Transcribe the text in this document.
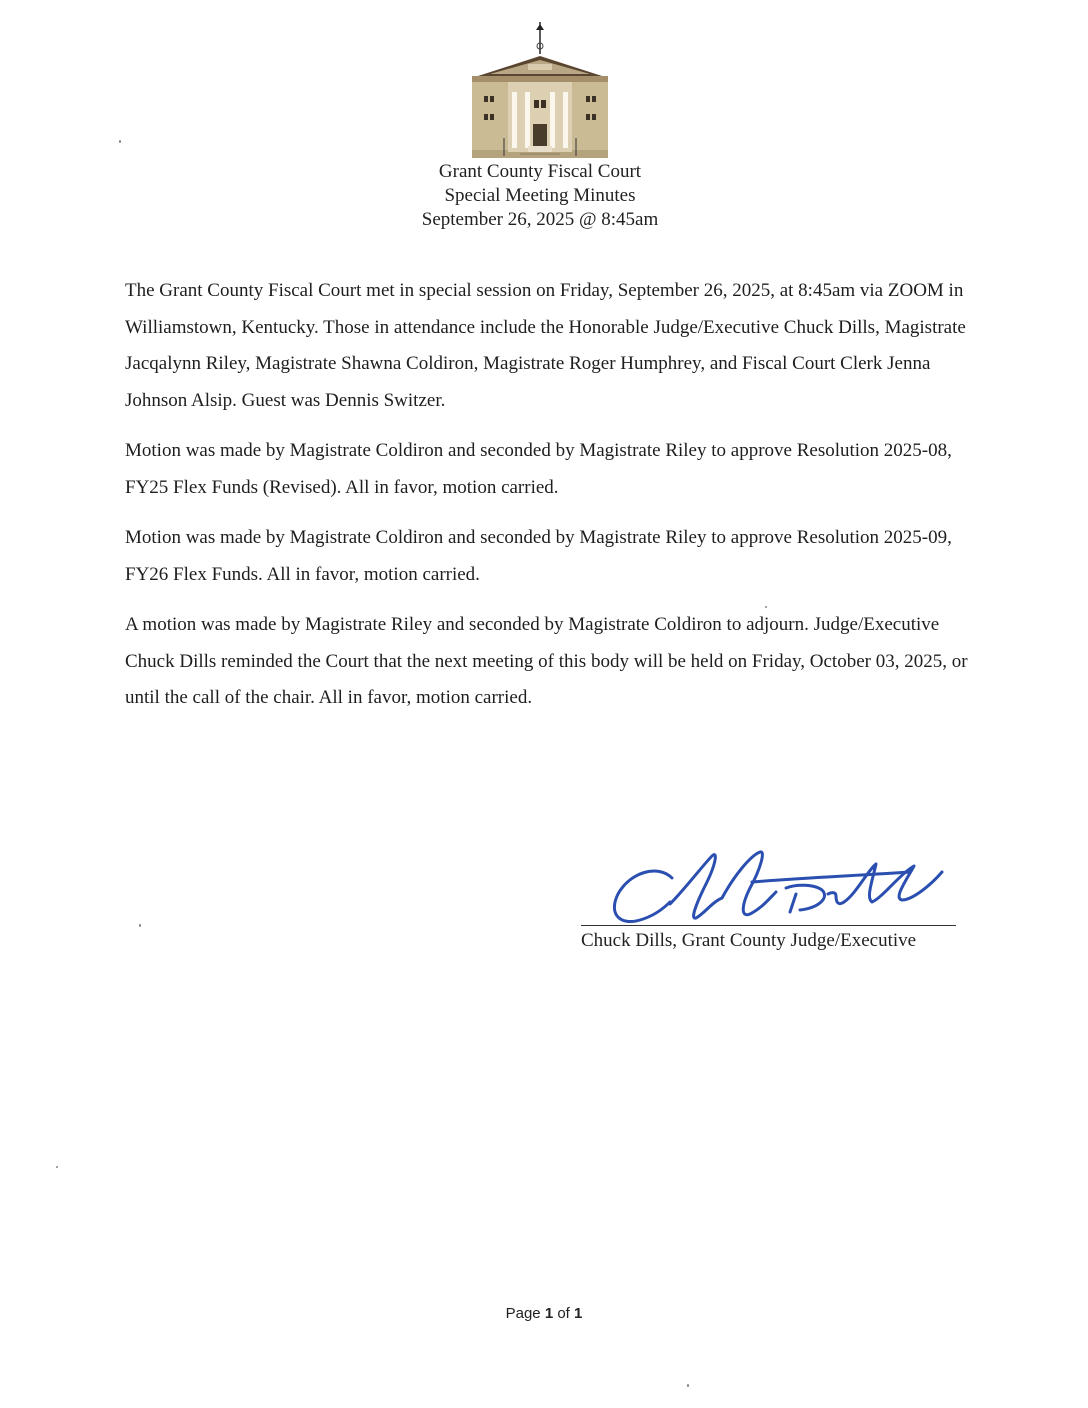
Grant County Fiscal Court
Special Meeting Minutes
September 26, 2025 @ 8:45am

The Grant County Fiscal Court met in special session on Friday, September 26, 2025, at 8:45am via ZOOM in Williamstown, Kentucky. Those in attendance include the Honorable Judge/Executive Chuck Dills, Magistrate Jacqalynn Riley, Magistrate Shawna Coldiron, Magistrate Roger Humphrey, and Fiscal Court Clerk Jenna Johnson Alsip. Guest was Dennis Switzer.

Motion was made by Magistrate Coldiron and seconded by Magistrate Riley to approve Resolution 2025-08, FY25 Flex Funds (Revised). All in favor, motion carried.

Motion was made by Magistrate Coldiron and seconded by Magistrate Riley to approve Resolution 2025-09, FY26 Flex Funds. All in favor, motion carried.

A motion was made by Magistrate Riley and seconded by Magistrate Coldiron to adjourn. Judge/Executive Chuck Dills reminded the Court that the next meeting of this body will be held on Friday, October 03, 2025, or until the call of the chair. All in favor, motion carried.

Chuck Dills, Grant County Judge/Executive
Page 1 of 1
